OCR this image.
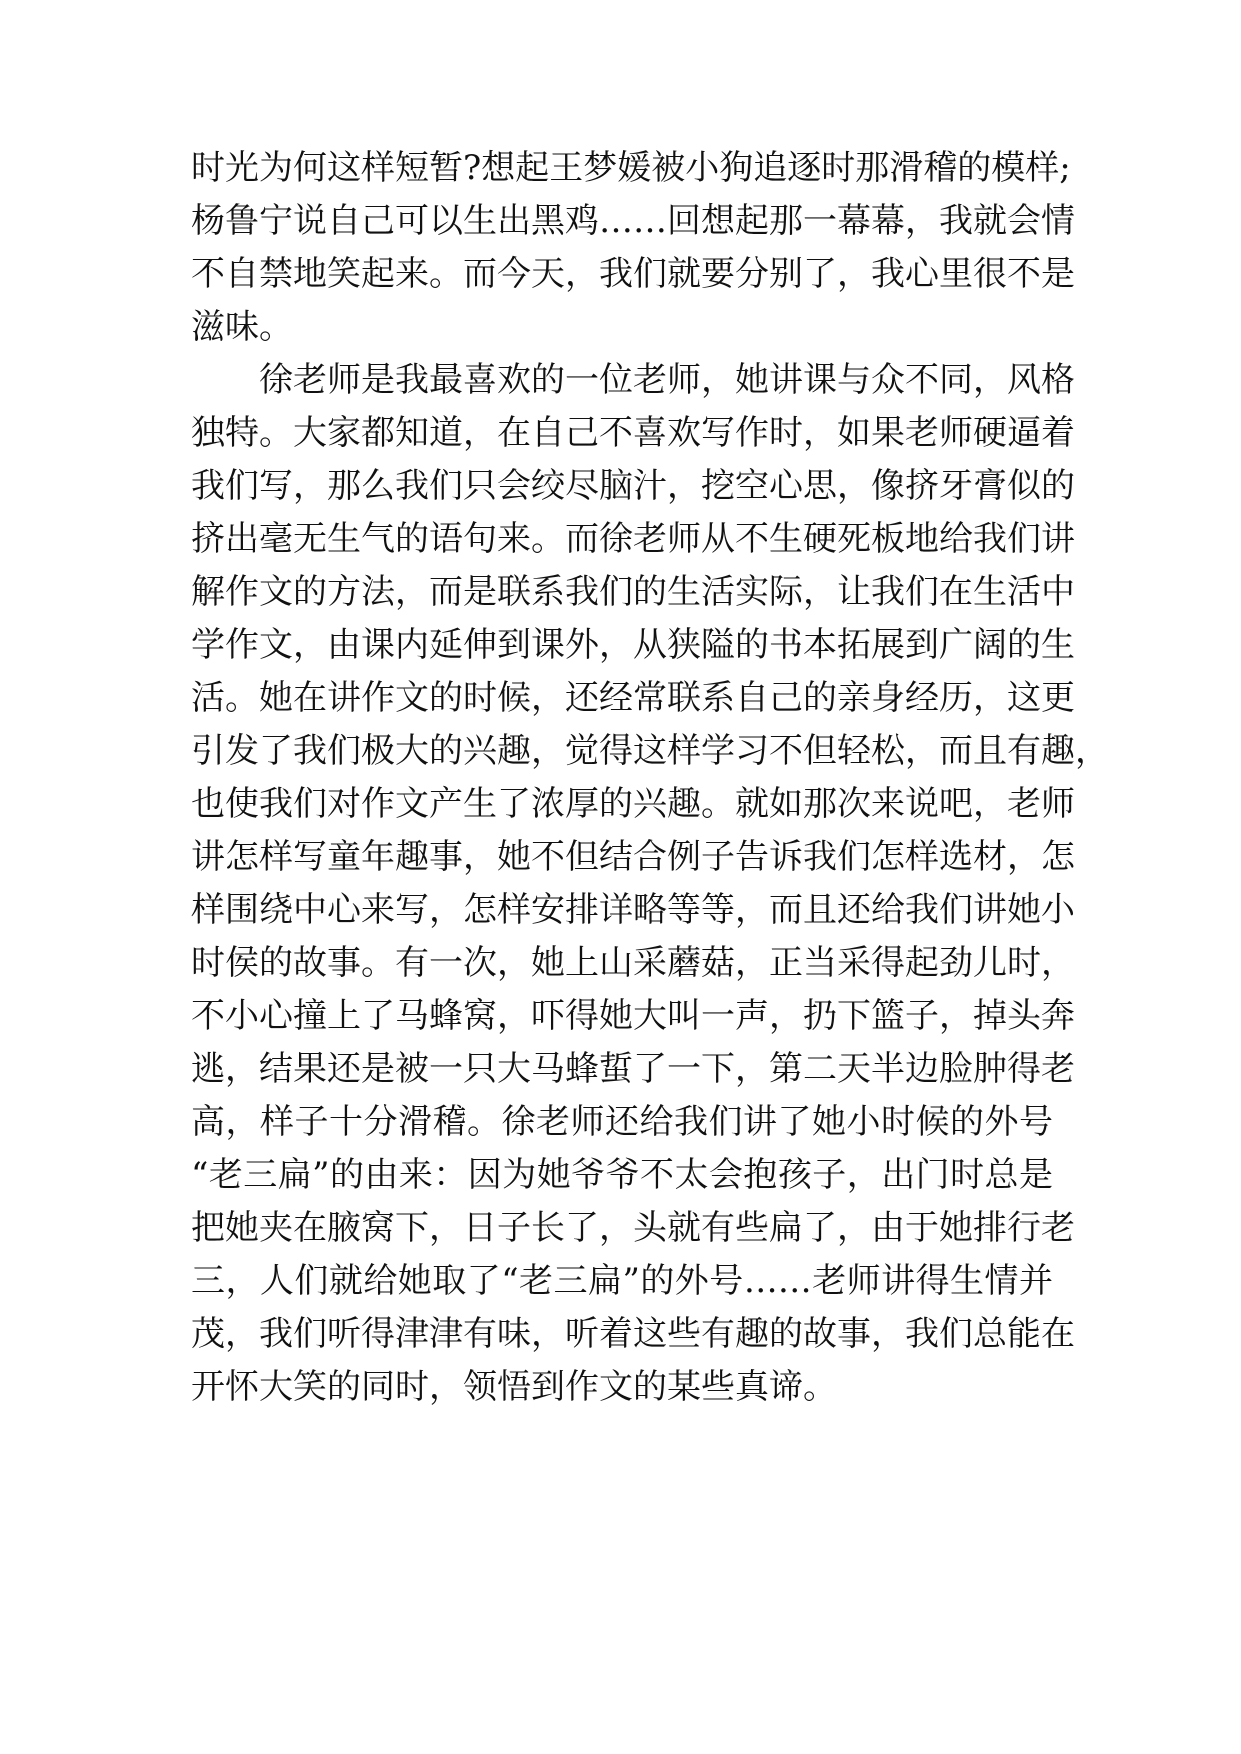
时光为何这样短暂?想起王梦媛被小狗追逐时那滑稽的模样;
杨鲁宁说自己可以生出黑鸡……回想起那一幕幕，我就会情
不自禁地笑起来。而今天，我们就要分别了，我心里很不是
滋味。
　　徐老师是我最喜欢的一位老师，她讲课与众不同，风格
独特。大家都知道，在自己不喜欢写作时，如果老师硬逼着
我们写，那么我们只会绞尽脑汁，挖空心思，像挤牙膏似的
挤出毫无生气的语句来。而徐老师从不生硬死板地给我们讲
解作文的方法，而是联系我们的生活实际，让我们在生活中
学作文，由课内延伸到课外，从狭隘的书本拓展到广阔的生
活。她在讲作文的时候，还经常联系自己的亲身经历，这更
引发了我们极大的兴趣，觉得这样学习不但轻松，而且有趣，
也使我们对作文产生了浓厚的兴趣。就如那次来说吧，老师
讲怎样写童年趣事，她不但结合例子告诉我们怎样选材，怎
样围绕中心来写，怎样安排详略等等，而且还给我们讲她小
时侯的故事。有一次，她上山采蘑菇，正当采得起劲儿时，
不小心撞上了马蜂窝，吓得她大叫一声，扔下篮子，掉头奔
逃，结果还是被一只大马蜂蜇了一下，第二天半边脸肿得老
高，样子十分滑稽。徐老师还给我们讲了她小时候的外号
“老三扁”的由来：因为她爷爷不太会抱孩子，出门时总是
把她夹在腋窝下，日子长了，头就有些扁了，由于她排行老
三，人们就给她取了“老三扁”的外号……老师讲得生情并
茂，我们听得津津有味，听着这些有趣的故事，我们总能在
开怀大笑的同时，领悟到作文的某些真谛。
